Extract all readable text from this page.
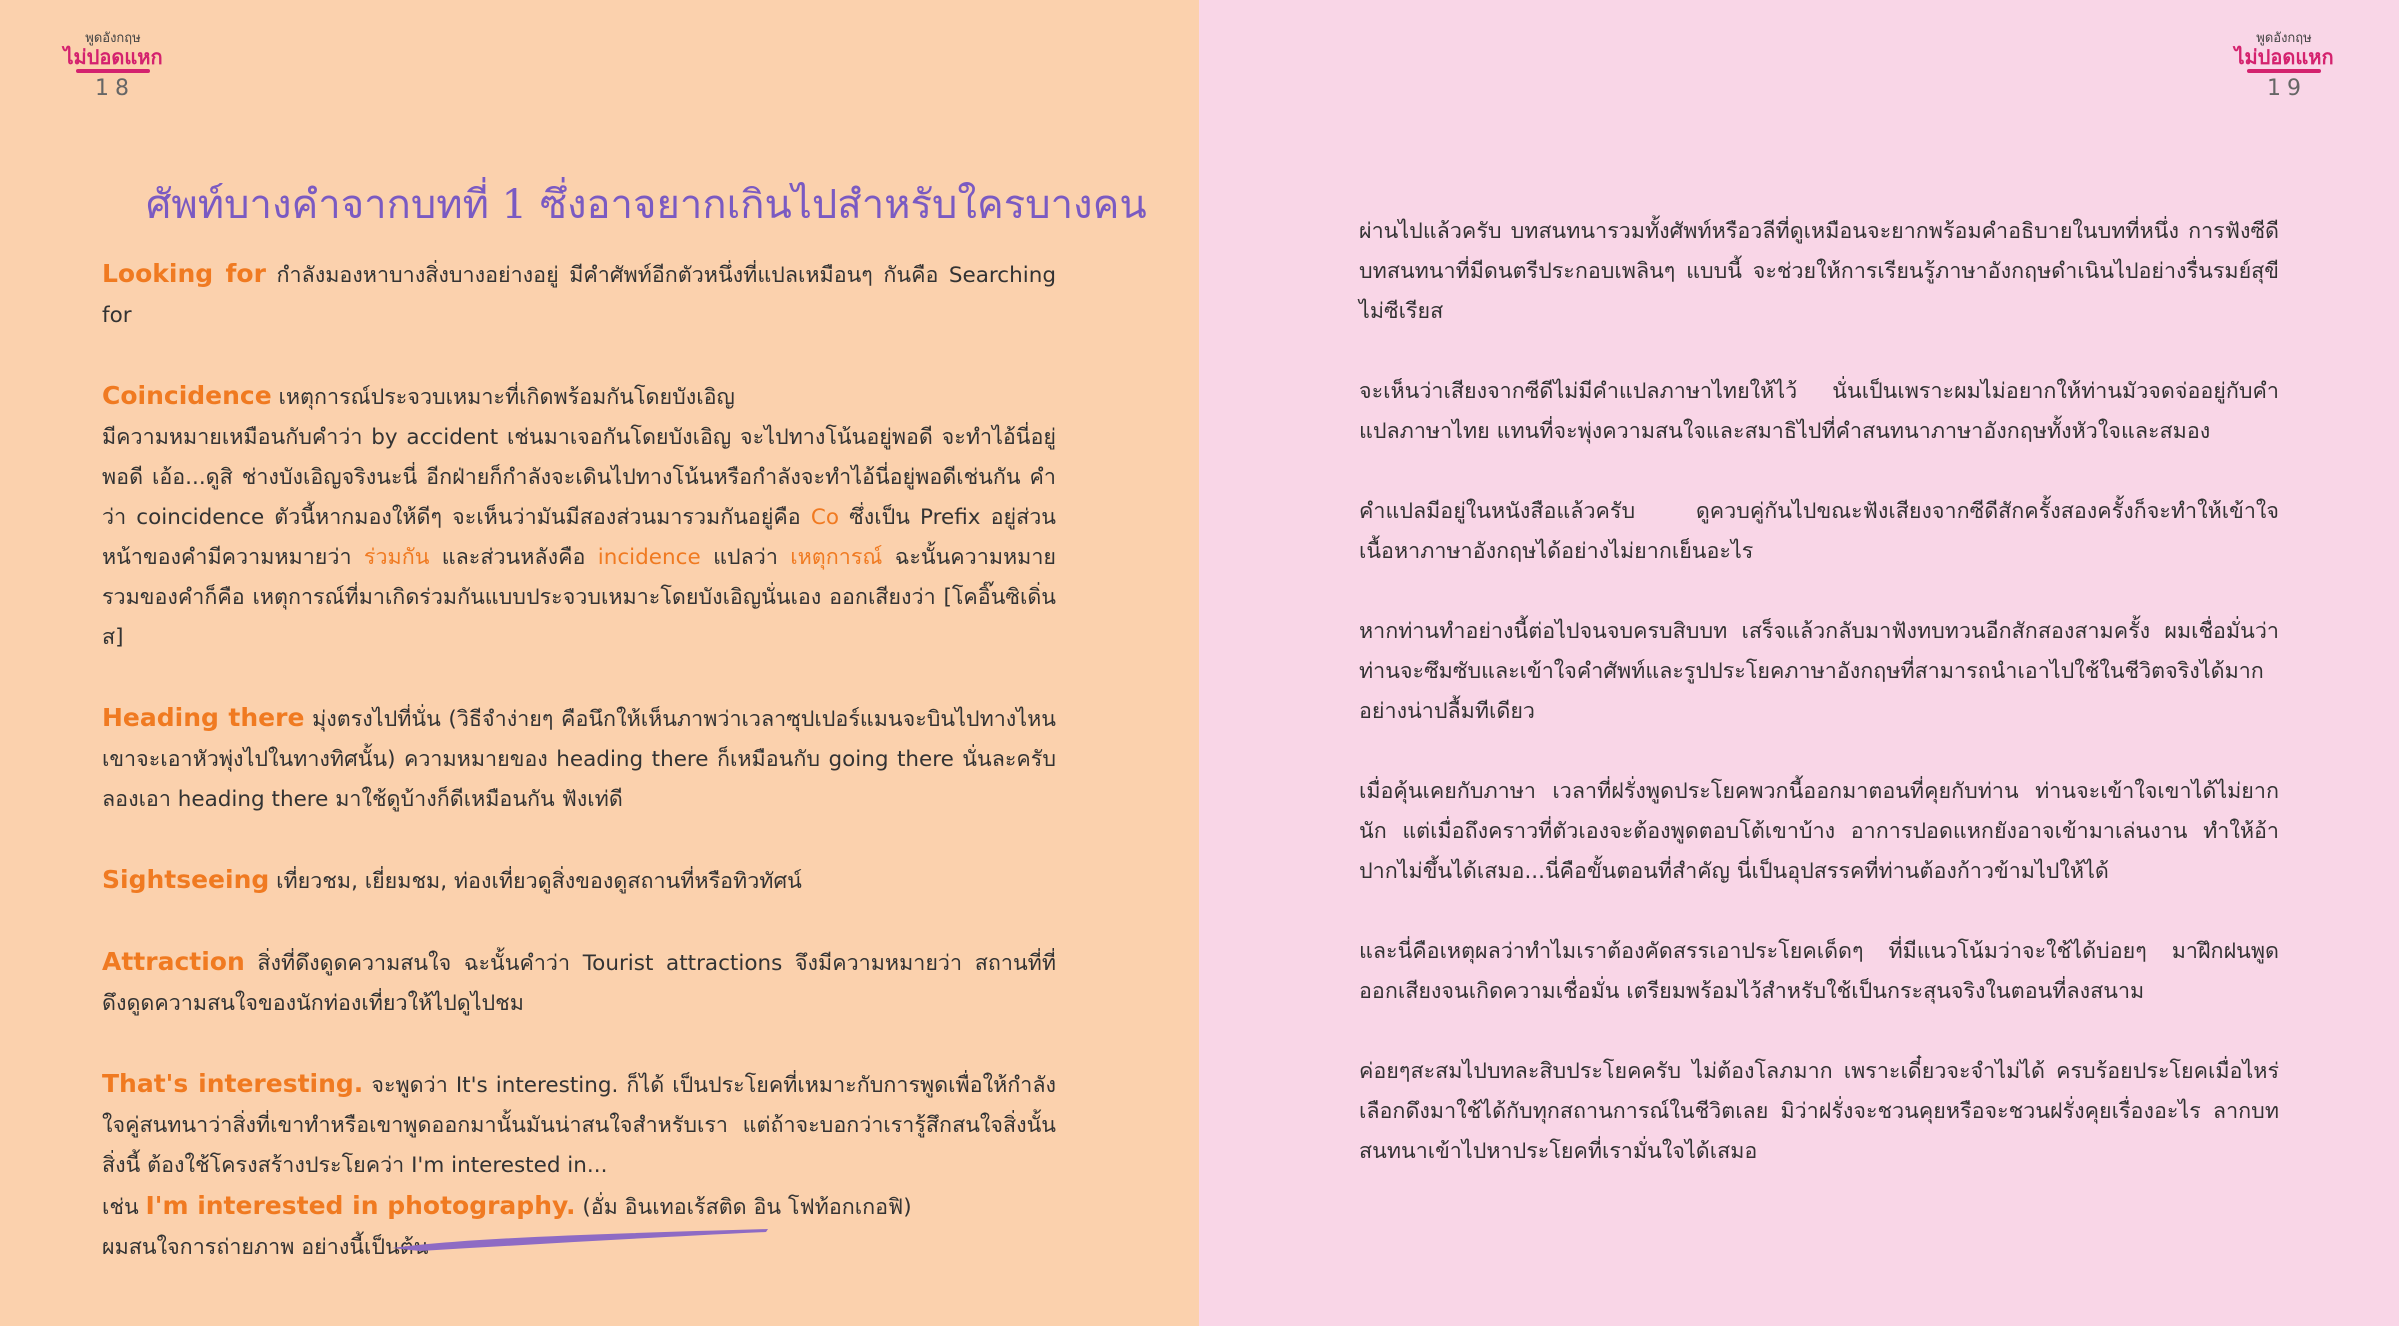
พูดอังกฤษ
ไม่ปอดแหก
18
ศัพท์บางคำจากบทที่ 1 ซึ่งอาจยากเกินไปสำหรับใครบางคน

Looking for กำลังมองหาบางสิ่งบางอย่างอยู่ มีคำศัพท์อีกตัวหนึ่งที่แปลเหมือนๆ กันคือ Searching for

Coincidence เหตุการณ์ประจวบเหมาะที่เกิดพร้อมกันโดยบังเอิญ

มีความหมายเหมือนกับคำว่า by accident เช่นมาเจอกันโดยบังเอิญ จะไปทางโน้นอยู่พอดี จะทำไอ้นี่อยู่พอดี เอ้อ...ดูสิ ช่างบังเอิญจริงนะนี่ อีกฝ่ายก็กำลังจะเดินไปทางโน้นหรือกำลังจะทำไอ้นี่อยู่พอดีเช่นกัน คำว่า coincidence ตัวนี้หากมองให้ดีๆ จะเห็นว่ามันมีสองส่วนมารวมกันอยู่คือ Co ซึ่งเป็น Prefix อยู่ส่วนหน้าของคำมีความหมายว่า ร่วมกัน และส่วนหลังคือ incidence แปลว่า เหตุการณ์ ฉะนั้นความหมายรวมของคำก็คือ เหตุการณ์ที่มาเกิดร่วมกันแบบประจวบเหมาะโดยบังเอิญนั่นเอง ออกเสียงว่า [โคอิ๊นซิเดิ่นส]

Heading there มุ่งตรงไปที่นั่น (วิธีจำง่ายๆ คือนึกให้เห็นภาพว่าเวลาซุปเปอร์แมนจะบินไปทางไหน เขาจะเอาหัวพุ่งไปในทางทิศนั้น) ความหมายของ heading there ก็เหมือนกับ going there นั่นละครับ ลองเอา heading there มาใช้ดูบ้างก็ดีเหมือนกัน ฟังเท่ดี

Sightseeing เที่ยวชม, เยี่ยมชม, ท่องเที่ยวดูสิ่งของดูสถานที่หรือทิวทัศน์

Attraction สิ่งที่ดึงดูดความสนใจ ฉะนั้นคำว่า Tourist attractions จึงมีความหมายว่า สถานที่ที่ดึงดูดความสนใจของนักท่องเที่ยวให้ไปดูไปชม

That's interesting. จะพูดว่า It's interesting. ก็ได้ เป็นประโยคที่เหมาะกับการพูดเพื่อให้กำลังใจคู่สนทนาว่าสิ่งที่เขาทำหรือเขาพูดออกมานั้นมันน่าสนใจสำหรับเรา แต่ถ้าจะบอกว่าเรารู้สึกสนใจสิ่งนั้นสิ่งนี้ ต้องใช้โครงสร้างประโยคว่า I'm interested in...

เช่น I'm interested in photography. (อั่ม อินเทอเร้สติด อิน โฟท้อกเกอฟิ)

ผมสนใจการถ่ายภาพ อย่างนี้เป็นต้น

พูดอังกฤษ
ไม่ปอดแหก
19

ผ่านไปแล้วครับ บทสนทนารวมทั้งศัพท์หรือวลีที่ดูเหมือนจะยากพร้อมคำอธิบายในบทที่หนึ่ง การฟังซีดีบทสนทนาที่มีดนตรีประกอบเพลินๆ แบบนี้ จะช่วยให้การเรียนรู้ภาษาอังกฤษดำเนินไปอย่างรื่นรมย์สุขีไม่ซีเรียส

จะเห็นว่าเสียงจากซีดีไม่มีคำแปลภาษาไทยให้ไว้ นั่นเป็นเพราะผมไม่อยากให้ท่านมัวจดจ่ออยู่กับคำแปลภาษาไทย แทนที่จะพุ่งความสนใจและสมาธิไปที่คำสนทนาภาษาอังกฤษทั้งหัวใจและสมอง

คำแปลมีอยู่ในหนังสือแล้วครับ ดูควบคู่กันไปขณะฟังเสียงจากซีดีสักครั้งสองครั้งก็จะทำให้เข้าใจเนื้อหาภาษาอังกฤษได้อย่างไม่ยากเย็นอะไร

หากท่านทำอย่างนี้ต่อไปจนจบครบสิบบท เสร็จแล้วกลับมาฟังทบทวนอีกสักสองสามครั้ง ผมเชื่อมั่นว่าท่านจะซึมซับและเข้าใจคำศัพท์และรูปประโยคภาษาอังกฤษที่สามารถนำเอาไปใช้ในชีวิตจริงได้มากอย่างน่าปลื้มทีเดียว

เมื่อคุ้นเคยกับภาษา เวลาที่ฝรั่งพูดประโยคพวกนี้ออกมาตอนที่คุยกับท่าน ท่านจะเข้าใจเขาได้ไม่ยากนัก แต่เมื่อถึงคราวที่ตัวเองจะต้องพูดตอบโต้เขาบ้าง อาการปอดแหกยังอาจเข้ามาเล่นงาน ทำให้อ้าปากไม่ขึ้นได้เสมอ...นี่คือขั้นตอนที่สำคัญ นี่เป็นอุปสรรคที่ท่านต้องก้าวข้ามไปให้ได้

และนี่คือเหตุผลว่าทำไมเราต้องคัดสรรเอาประโยคเด็ดๆ ที่มีแนวโน้มว่าจะใช้ได้บ่อยๆ มาฝึกฝนพูดออกเสียงจนเกิดความเชื่อมั่น เตรียมพร้อมไว้สำหรับใช้เป็นกระสุนจริงในตอนที่ลงสนาม

ค่อยๆสะสมไปบทละสิบประโยคครับ ไม่ต้องโลภมาก เพราะเดี๋ยวจะจำไม่ได้ ครบร้อยประโยคเมื่อไหร่เลือกดึงมาใช้ได้กับทุกสถานการณ์ในชีวิตเลย มิว่าฝรั่งจะชวนคุยหรือจะชวนฝรั่งคุยเรื่องอะไร ลากบทสนทนาเข้าไปหาประโยคที่เรามั่นใจได้เสมอ
